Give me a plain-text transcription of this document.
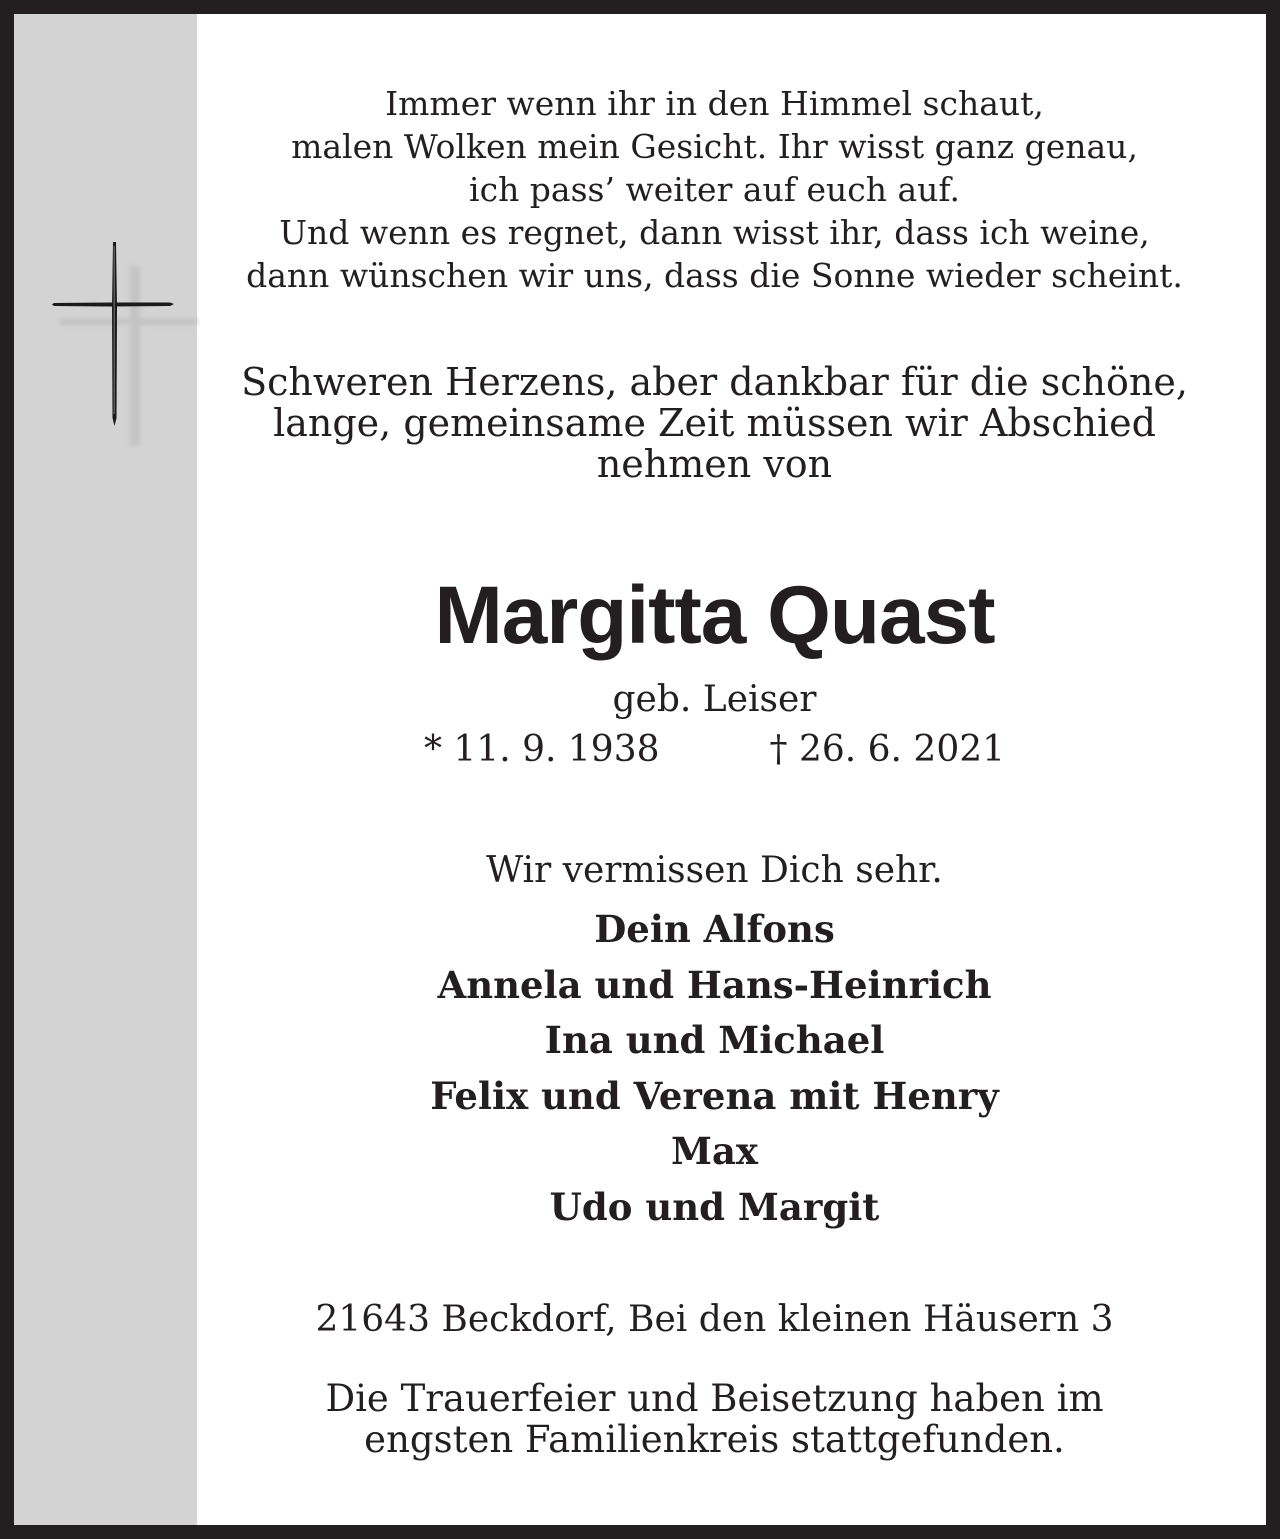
Immer wenn ihr in den Himmel schaut,
malen Wolken mein Gesicht. Ihr wisst ganz genau,
ich pass’ weiter auf euch auf.
Und wenn es regnet, dann wisst ihr, dass ich weine,
dann wünschen wir uns, dass die Sonne wieder scheint.
Schweren Herzens, aber dankbar für die schöne,
lange, gemeinsame Zeit müssen wir Abschied
nehmen von
Margitta Quast
geb. Leiser
* 11. 9. 1938	† 26. 6. 2021
Wir vermissen Dich sehr.
Dein Alfons
Annela und Hans-Heinrich
Ina und Michael
Felix und Verena mit Henry
Max
Udo und Margit
21643 Beckdorf, Bei den kleinen Häusern 3
Die Trauerfeier und Beisetzung haben im
engsten Familienkreis stattgefunden.
